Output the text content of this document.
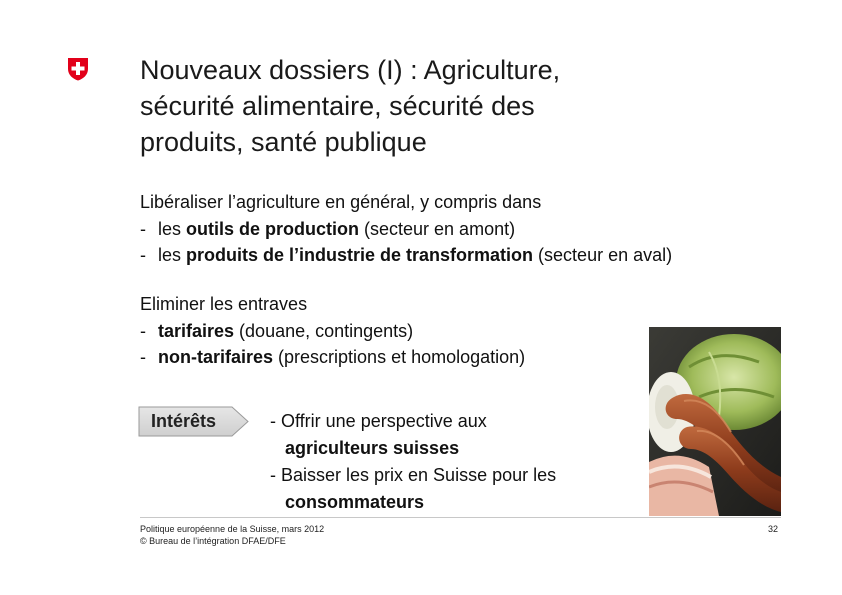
Nouveaux dossiers (I) : Agriculture,
sécurité alimentaire, sécurité des
produits, santé publique
Libéraliser l’agriculture en général, y compris dans
- les outils de production (secteur en amont)
- les produits de l’industrie de transformation (secteur en aval)
Eliminer les entraves
- tarifaires (douane, contingents)
- non-tarifaires (prescriptions et homologation)
Intérêts	- Offrir une perspective aux
agriculteurs suisses
- Baisser les prix en Suisse pour les
consommateurs
Politique européenne de la Suisse, mars 2012
© Bureau de l’intégration DFAE/DFE
32
